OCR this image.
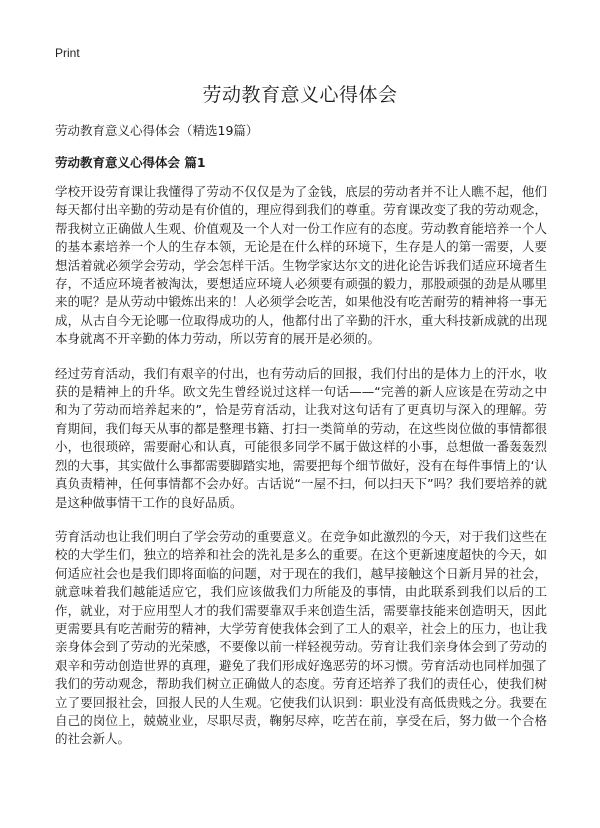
Print
劳动教育意义心得体会

劳动教育意义心得体会（精选19篇）

劳动教育意义心得体会 篇1

学校开设劳育课让我懂得了劳动不仅仅是为了金钱，底层的劳动者并不让人瞧不起，他们每天都付出辛勤的劳动是有价值的，理应得到我们的尊重。劳育课改变了我的劳动观念，帮我树立正确做人生观、价值观及一个人对一份工作应有的态度。劳动教育能培养一个人的基本素培养一个人的生存本领，无论是在什么样的环境下，生存是人的第一需要，人要想活着就必须学会劳动，学会怎样干活。生物学家达尔文的进化论告诉我们适应环境者生存，不适应环境者被淘汰，要想适应环境人必须要有顽强的毅力，那股顽强的劲是从哪里来的呢？是从劳动中锻炼出来的！人必须学会吃苦，如果他没有吃苦耐劳的精神将一事无成，从古自今无论哪一位取得成功的人，他都付出了辛勤的汗水，重大科技新成就的出现本身就离不开辛勤的体力劳动，所以劳育的展开是必须的。

经过劳育活动，我们有艰辛的付出，也有劳动后的回报，我们付出的是体力上的汗水，收获的是精神上的升华。欧文先生曾经说过这样一句话——“完善的新人应该是在劳动之中和为了劳动而培养起来的”，恰是劳育活动，让我对这句话有了更真切与深入的理解。劳育期间，我们每天从事的都是整理书籍、打扫一类简单的劳动，在这些岗位做的事情都很小，也很琐碎，需要耐心和认真，可能很多同学不属于做这样的小事，总想做一番轰轰烈烈的大事，其实做什么事都需要脚踏实地，需要把每个细节做好，没有在每件事情上的‘认真负责精神，任何事情都不会办好。古话说“一屋不扫，何以扫天下”吗？我们要培养的就是这种做事情干工作的良好品质。

劳育活动也让我们明白了学会劳动的重要意义。在竞争如此激烈的今天，对于我们这些在校的大学生们，独立的培养和社会的洗礼是多么的重要。在这个更新速度超快的今天，如何适应社会也是我们即将面临的问题，对于现在的我们，越早接触这个日新月异的社会，就意味着我们越能适应它，我们应该做我们力所能及的事情，由此联系到我们以后的工作，就业，对于应用型人才的我们需要靠双手来创造生活，需要靠技能来创造明天，因此更需要具有吃苦耐劳的精神，大学劳育使我体会到了工人的艰辛，社会上的压力，也让我亲身体会到了劳动的光荣感，不要像以前一样轻视劳动。劳育让我们亲身体会到了劳动的艰辛和劳动创造世界的真理，避免了我们形成好逸恶劳的坏习惯。劳育活动也同样加强了我们的劳动观念，帮助我们树立正确做人的态度。劳育还培养了我们的责任心，使我们树立了要回报社会，回报人民的人生观。它使我们认识到：职业没有高低贵贱之分。我要在自己的岗位上，兢兢业业，尽职尽责，鞠躬尽瘁，吃苦在前，享受在后，努力做一个合格的社会新人。
